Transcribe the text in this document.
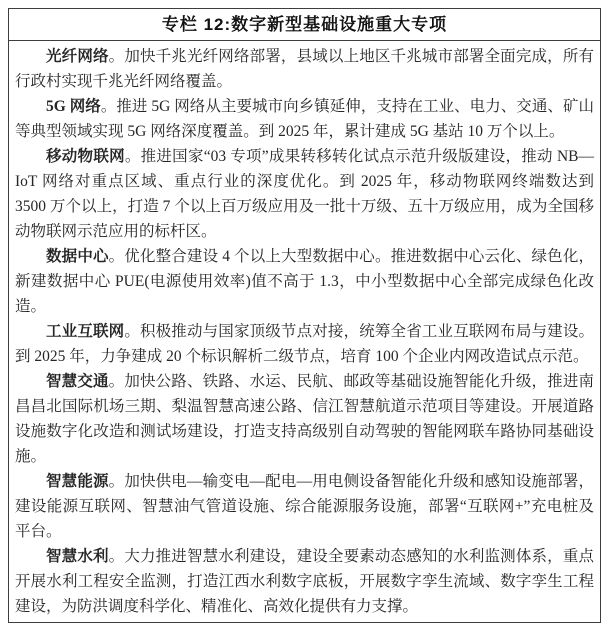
专栏 12:数字新型基础设施重大专项

光纤网络。加快千兆光纤网络部署，县域以上地区千兆城市部署全面完成，所有行政村实现千兆光纤网络覆盖。

5G 网络。推进 5G 网络从主要城市向乡镇延伸，支持在工业、电力、交通、矿山等典型领域实现 5G 网络深度覆盖。到 2025 年，累计建成 5G 基站 10 万个以上。

移动物联网。推进国家“03 专项”成果转移转化试点示范升级版建设，推动 NB—IoT 网络对重点区域、重点行业的深度优化。到 2025 年，移动物联网终端数达到 3500 万个以上，打造 7 个以上百万级应用及一批十万级、五十万级应用，成为全国移动物联网示范应用的标杆区。

数据中心。优化整合建设 4 个以上大型数据中心。推进数据中心云化、绿色化，新建数据中心 PUE(电源使用效率)值不高于 1.3，中小型数据中心全部完成绿色化改造。

工业互联网。积极推动与国家顶级节点对接，统筹全省工业互联网布局与建设。到 2025 年，力争建成 20 个标识解析二级节点，培育 100 个企业内网改造试点示范。

智慧交通。加快公路、铁路、水运、民航、邮政等基础设施智能化升级，推进南昌昌北国际机场三期、梨温智慧高速公路、信江智慧航道示范项目等建设。开展道路设施数字化改造和测试场建设，打造支持高级别自动驾驶的智能网联车路协同基础设施。

智慧能源。加快供电—输变电—配电—用电侧设备智能化升级和感知设施部署，建设能源互联网、智慧油气管道设施、综合能源服务设施，部署“互联网+”充电桩及平台。

智慧水利。大力推进智慧水利建设，建设全要素动态感知的水利监测体系，重点开展水利工程安全监测，打造江西水利数字底板，开展数字孪生流域、数字孪生工程建设，为防洪调度科学化、精准化、高效化提供有力支撑。
